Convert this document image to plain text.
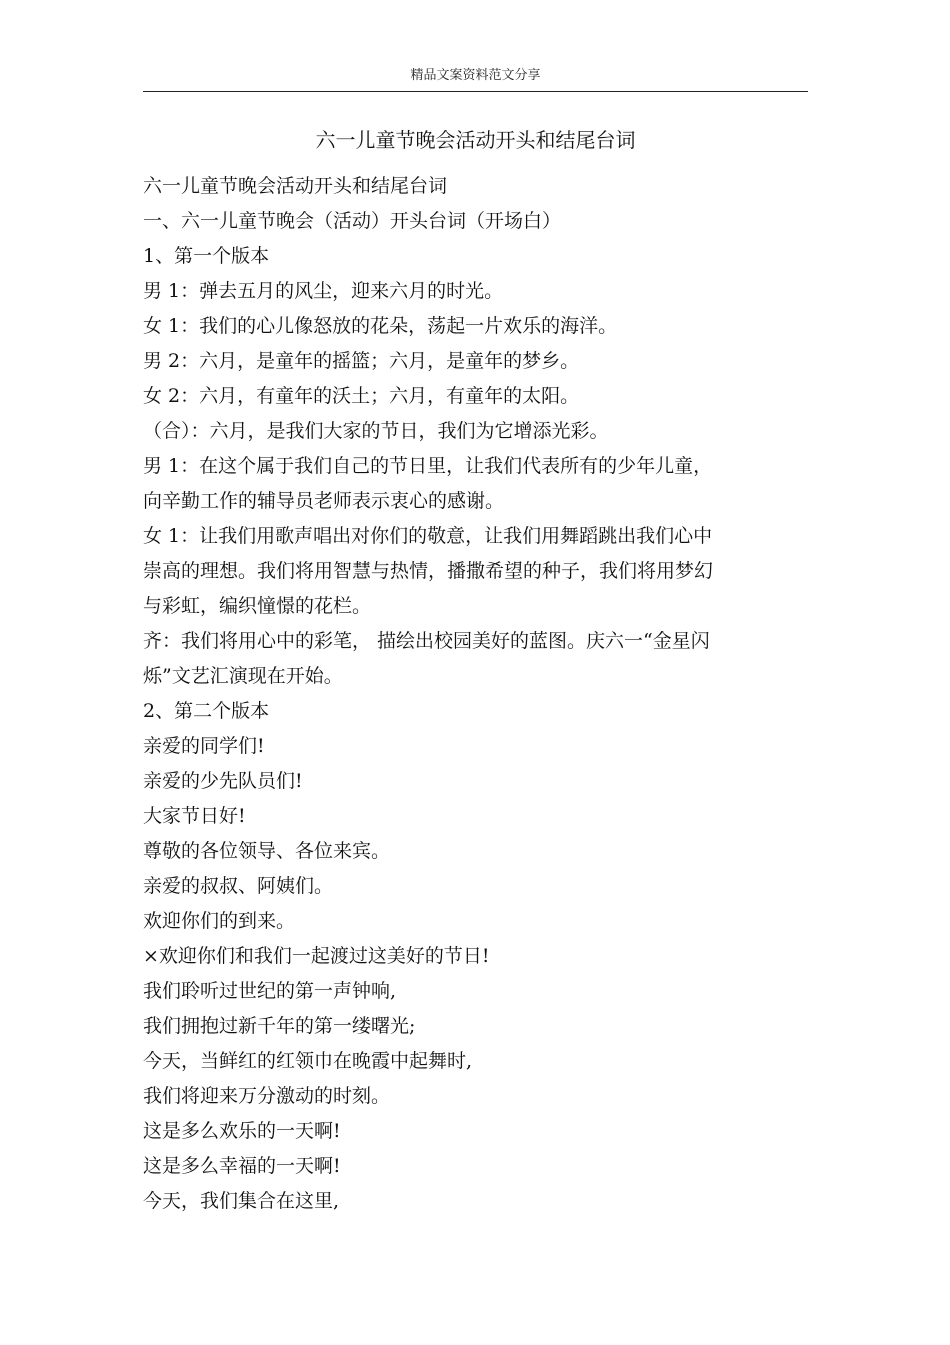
精品文案资料范文分享
六一儿童节晚会活动开头和结尾台词
六一儿童节晚会活动开头和结尾台词
一、六一儿童节晚会（活动）开头台词（开场白）
1、第一个版本
男 1：弹去五月的风尘，迎来六月的时光。
女 1：我们的心儿像怒放的花朵，荡起一片欢乐的海洋。
男 2：六月，是童年的摇篮；六月，是童年的梦乡。
女 2：六月，有童年的沃土；六月，有童年的太阳。
（合）：六月，是我们大家的节日，我们为它增添光彩。
男 1：在这个属于我们自己的节日里，让我们代表所有的少年儿童，
向辛勤工作的辅导员老师表示衷心的感谢。
女 1：让我们用歌声唱出对你们的敬意，让我们用舞蹈跳出我们心中
崇高的理想。我们将用智慧与热情，播撒希望的种子，我们将用梦幻
与彩虹，编织憧憬的花栏。
齐：我们将用心中的彩笔， 描绘出校园美好的蓝图。庆六一“金星闪
烁”文艺汇演现在开始。
2、第二个版本
亲爱的同学们!
亲爱的少先队员们!
大家节日好!
尊敬的各位领导、各位来宾。
亲爱的叔叔、阿姨们。
欢迎你们的到来。
×欢迎你们和我们一起渡过这美好的节日!
我们聆听过世纪的第一声钟响,
我们拥抱过新千年的第一缕曙光;
今天，当鲜红的红领巾在晚霞中起舞时,
我们将迎来万分激动的时刻。
这是多么欢乐的一天啊!
这是多么幸福的一天啊!
今天，我们集合在这里,
